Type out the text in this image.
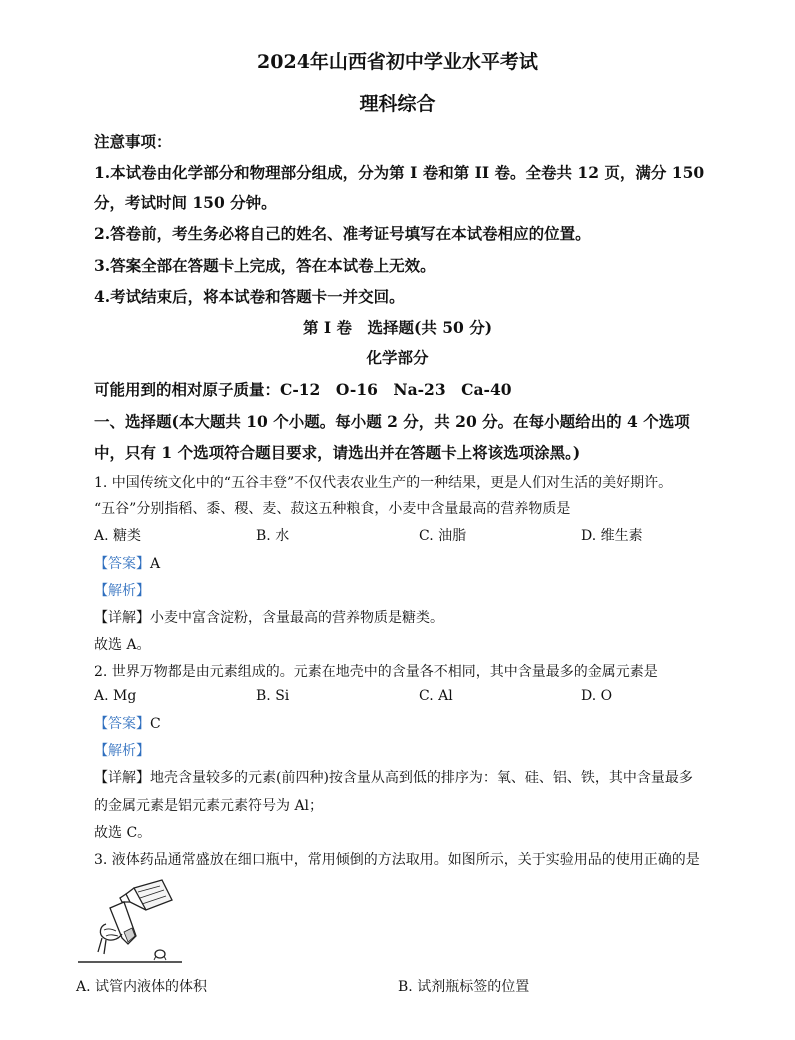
2024年山西省初中学业水平考试
理科综合
注意事项：
1.本试卷由化学部分和物理部分组成，分为第 I 卷和第 II 卷。全卷共 12 页，满分 150
分，考试时间 150 分钟。
2.答卷前，考生务必将自己的姓名、准考证号填写在本试卷相应的位置。
3.答案全部在答题卡上完成，答在本试卷上无效。
4.考试结束后，将本试卷和答题卡一并交回。
第 I 卷　选择题(共 50 分)
化学部分
可能用到的相对原子质量：C-12　O-16　Na-23　Ca-40
一、选择题(本大题共 10 个小题。每小题 2 分，共 20 分。在每小题给出的 4 个选项
中，只有 1 个选项符合题目要求，请选出并在答题卡上将该选项涂黑。)
1. 中国传统文化中的“五谷丰登”不仅代表农业生产的一种结果，更是人们对生活的美好期许。
“五谷”分别指稻、黍、稷、麦、菽这五种粮食，小麦中含量最高的营养物质是
A. 糖类	B. 水	C. 油脂	D. 维生素
【答案】A
【解析】
【详解】小麦中富含淀粉，含量最高的营养物质是糖类。
故选 A。
2. 世界万物都是由元素组成的。元素在地壳中的含量各不相同，其中含量最多的金属元素是
A. Mg	B. Si	C. Al	D. O
【答案】C
【解析】
【详解】地壳含量较多的元素(前四种)按含量从高到低的排序为：氧、硅、铝、铁，其中含量最多
的金属元素是铝元素元素符号为 Al；
故选 C。
3. 液体药品通常盛放在细口瓶中，常用倾倒的方法取用。如图所示，关于实验用品的使用正确的是
A. 试管内液体的体积	B. 试剂瓶标签的位置
